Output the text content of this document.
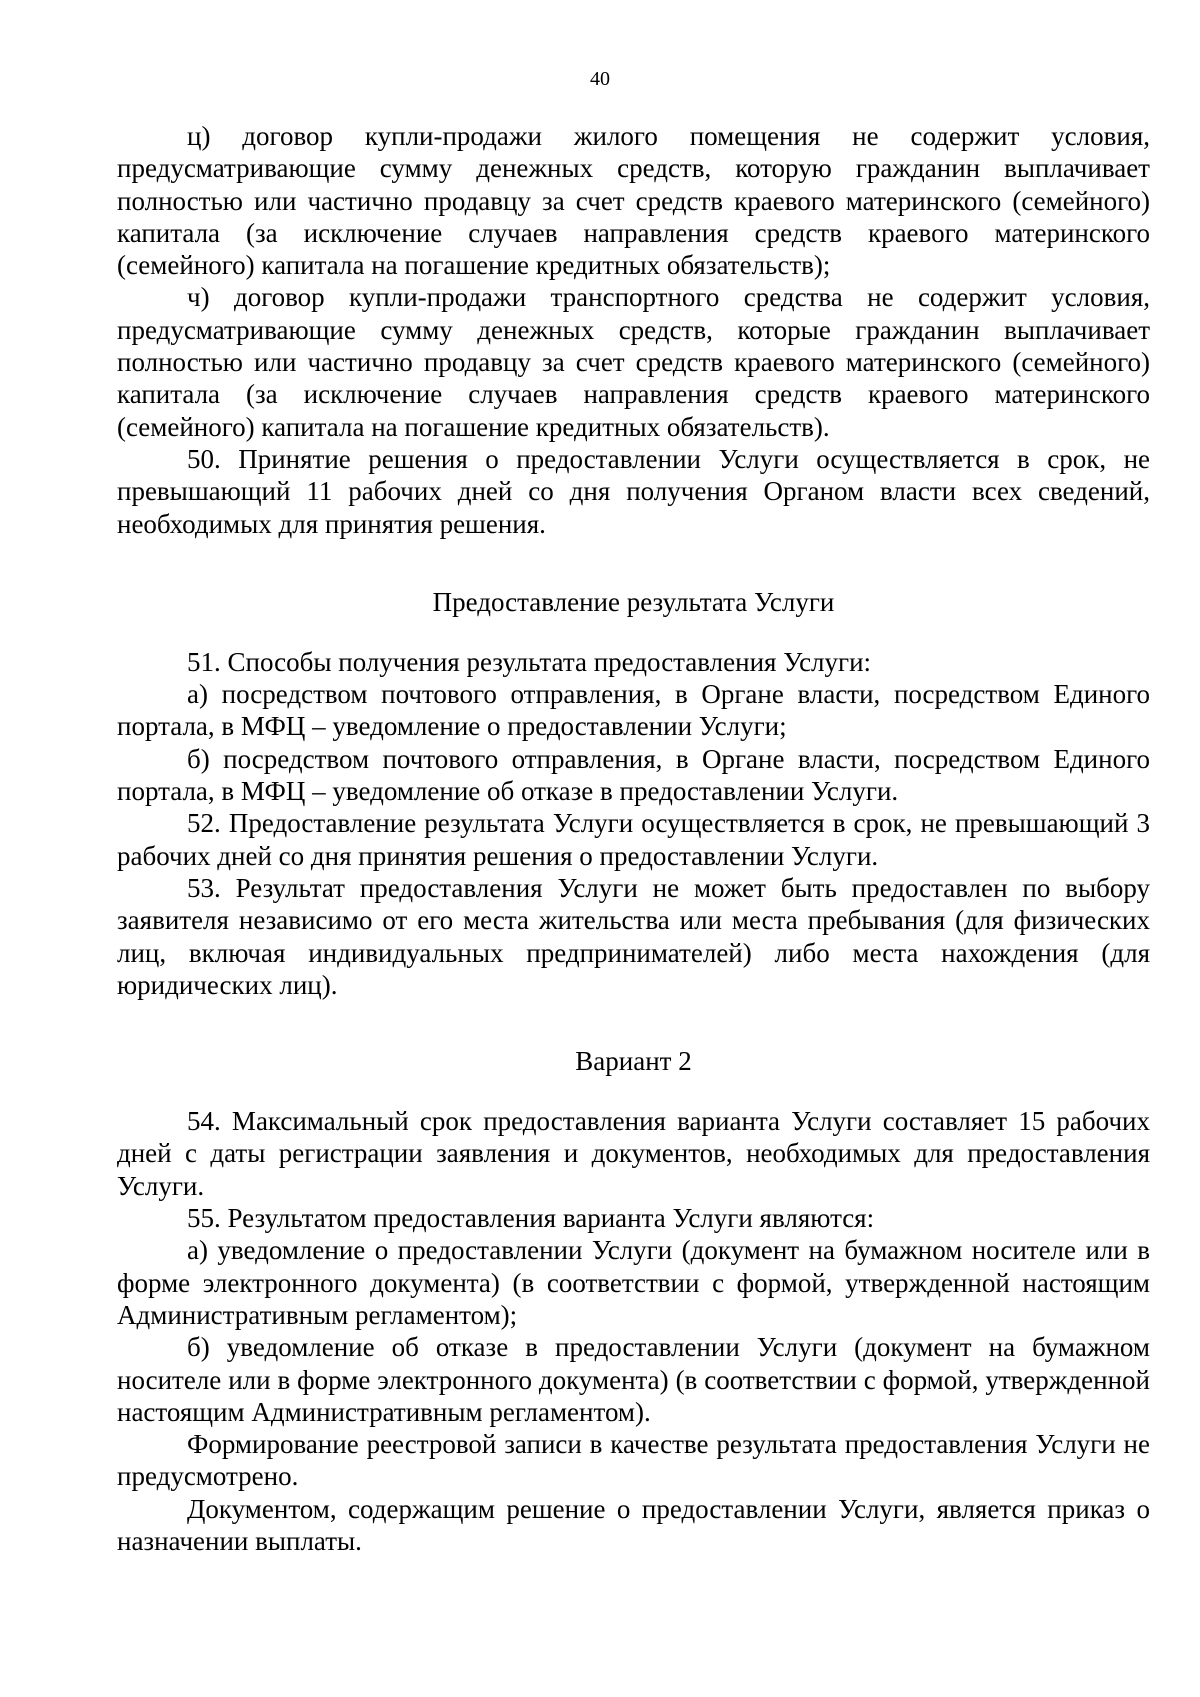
40

ц) договор купли-продажи жилого помещения не содержит условия, предусматривающие сумму денежных средств, которую гражданин выплачивает полностью или частично продавцу за счет средств краевого материнского (семейного) капитала (за исключение случаев направления средств краевого материнского (семейного) капитала на погашение кредитных обязательств);

ч) договор купли-продажи транспортного средства не содержит условия, предусматривающие сумму денежных средств, которые гражданин выплачивает полностью или частично продавцу за счет средств краевого материнского (семейного) капитала (за исключение случаев направления средств краевого материнского (семейного) капитала на погашение кредитных обязательств).

50. Принятие решения о предоставлении Услуги осуществляется в срок, не превышающий 11 рабочих дней со дня получения Органом власти всех сведений, необходимых для принятия решения.

Предоставление результата Услуги

51. Способы получения результата предоставления Услуги:

а) посредством почтового отправления, в Органе власти, посредством Единого портала, в МФЦ – уведомление о предоставлении Услуги;

б) посредством почтового отправления, в Органе власти, посредством Единого портала, в МФЦ – уведомление об отказе в предоставлении Услуги.

52. Предоставление результата Услуги осуществляется в срок, не превышающий 3 рабочих дней со дня принятия решения о предоставлении Услуги.

53. Результат предоставления Услуги не может быть предоставлен по выбору заявителя независимо от его места жительства или места пребывания (для физических лиц, включая индивидуальных предпринимателей) либо места нахождения (для юридических лиц).

Вариант 2

54. Максимальный срок предоставления варианта Услуги составляет 15 рабочих дней с даты регистрации заявления и документов, необходимых для предоставления Услуги.

55. Результатом предоставления варианта Услуги являются:

а) уведомление о предоставлении Услуги (документ на бумажном носителе или в форме электронного документа) (в соответствии с формой, утвержденной настоящим Административным регламентом);

б) уведомление об отказе в предоставлении Услуги (документ на бумажном носителе или в форме электронного документа) (в соответствии с формой, утвержденной настоящим Административным регламентом).

Формирование реестровой записи в качестве результата предоставления Услуги не предусмотрено.

Документом, содержащим решение о предоставлении Услуги, является приказ о назначении выплаты.
